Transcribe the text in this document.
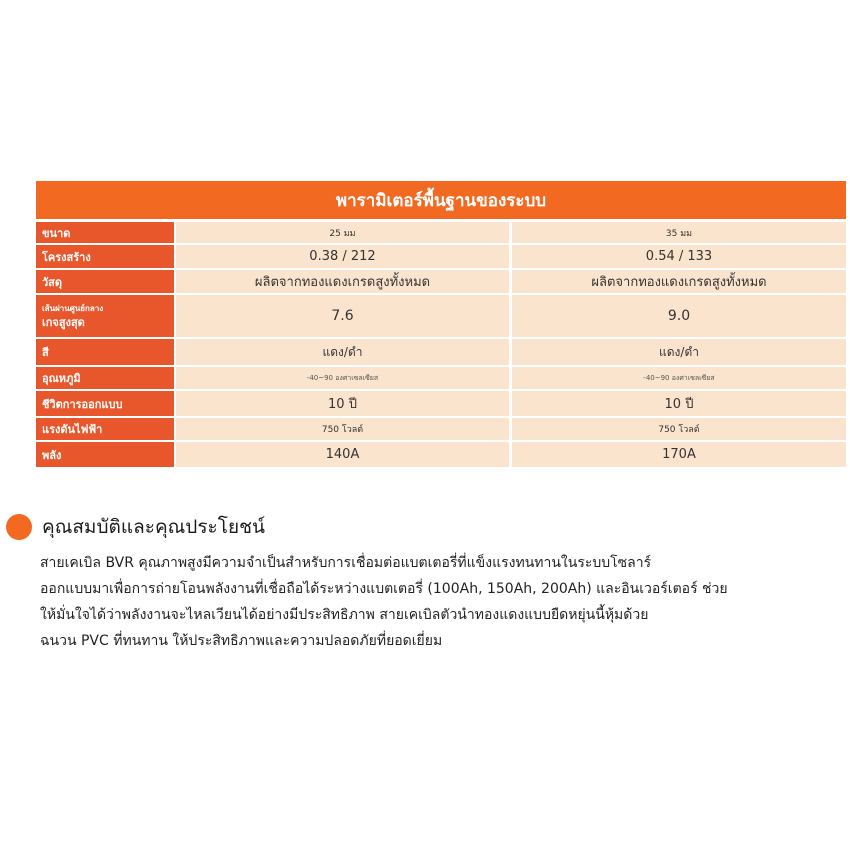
พารามิเตอร์พื้นฐานของระบบ
ขนาด	25 มม	35 มม
โครงสร้าง	0.38 / 212	0.54 / 133
วัสดุ	ผลิตจากทองแดงเกรดสูงทั้งหมด	ผลิตจากทองแดงเกรดสูงทั้งหมด

เส้นผ่านศูนย์กลาง
เกจสูงสุด	7.6	9.0
สี	แดง/ดำ	แดง/ดำ
อุณหภูมิ	-40~90 องศาเซลเซียส	-40~90 องศาเซลเซียส
ชีวิตการออกแบบ	10 ปี	10 ปี
แรงดันไฟฟ้า	750 โวลต์	750 โวลต์
พลัง	140A	170A
คุณสมบัติและคุณประโยชน์
สายเคเบิล BVR คุณภาพสูงมีความจำเป็นสำหรับการเชื่อมต่อแบตเตอรี่ที่แข็งแรงทนทานในระบบโซลาร์
ออกแบบมาเพื่อการถ่ายโอนพลังงานที่เชื่อถือได้ระหว่างแบตเตอรี่ (100Ah, 150Ah, 200Ah) และอินเวอร์เตอร์ ช่วย
ให้มั่นใจได้ว่าพลังงานจะไหลเวียนได้อย่างมีประสิทธิภาพ สายเคเบิลตัวนำทองแดงแบบยืดหยุ่นนี้หุ้มด้วย
ฉนวน PVC ที่ทนทาน ให้ประสิทธิภาพและความปลอดภัยที่ยอดเยี่ยม
